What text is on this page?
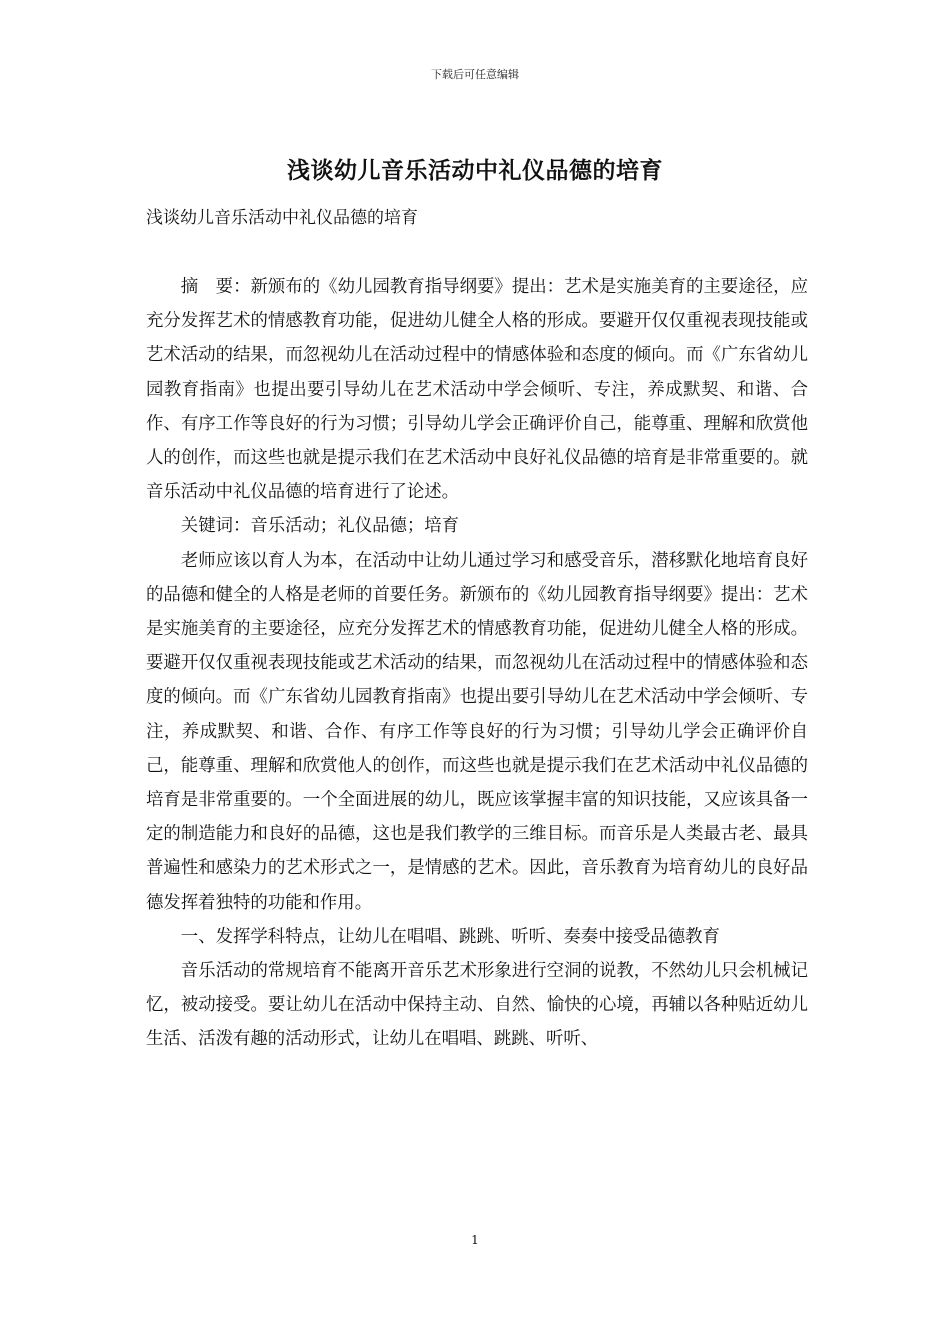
下载后可任意编辑
浅谈幼儿音乐活动中礼仪品德的培育
浅谈幼儿音乐活动中礼仪品德的培育

摘　要：新颁布的《幼儿园教育指导纲要》提出：艺术是实施美育的主要途径，应充分发挥艺术的情感教育功能，促进幼儿健全人格的形成。要避开仅仅重视表现技能或艺术活动的结果，而忽视幼儿在活动过程中的情感体验和态度的倾向。而《广东省幼儿园教育指南》也提出要引导幼儿在艺术活动中学会倾听、专注，养成默契、和谐、合作、有序工作等良好的行为习惯；引导幼儿学会正确评价自己，能尊重、理解和欣赏他人的创作，而这些也就是提示我们在艺术活动中良好礼仪品德的培育是非常重要的。就音乐活动中礼仪品德的培育进行了论述。

关键词：音乐活动；礼仪品德；培育

老师应该以育人为本，在活动中让幼儿通过学习和感受音乐，潜移默化地培育良好的品德和健全的人格是老师的首要任务。新颁布的《幼儿园教育指导纲要》提出：艺术是实施美育的主要途径，应充分发挥艺术的情感教育功能，促进幼儿健全人格的形成。要避开仅仅重视表现技能或艺术活动的结果，而忽视幼儿在活动过程中的情感体验和态度的倾向。而《广东省幼儿园教育指南》也提出要引导幼儿在艺术活动中学会倾听、专注，养成默契、和谐、合作、有序工作等良好的行为习惯；引导幼儿学会正确评价自己，能尊重、理解和欣赏他人的创作，而这些也就是提示我们在艺术活动中礼仪品德的培育是非常重要的。一个全面进展的幼儿，既应该掌握丰富的知识技能，又应该具备一定的制造能力和良好的品德，这也是我们教学的三维目标。而音乐是人类最古老、最具普遍性和感染力的艺术形式之一，是情感的艺术。因此，音乐教育为培育幼儿的良好品德发挥着独特的功能和作用。

一、发挥学科特点，让幼儿在唱唱、跳跳、听听、奏奏中接受品德教育

音乐活动的常规培育不能离开音乐艺术形象进行空洞的说教，不然幼儿只会机械记忆，被动接受。要让幼儿在活动中保持主动、自然、愉快的心境，再辅以各种贴近幼儿生活、活泼有趣的活动形式，让幼儿在唱唱、跳跳、听听、

1
